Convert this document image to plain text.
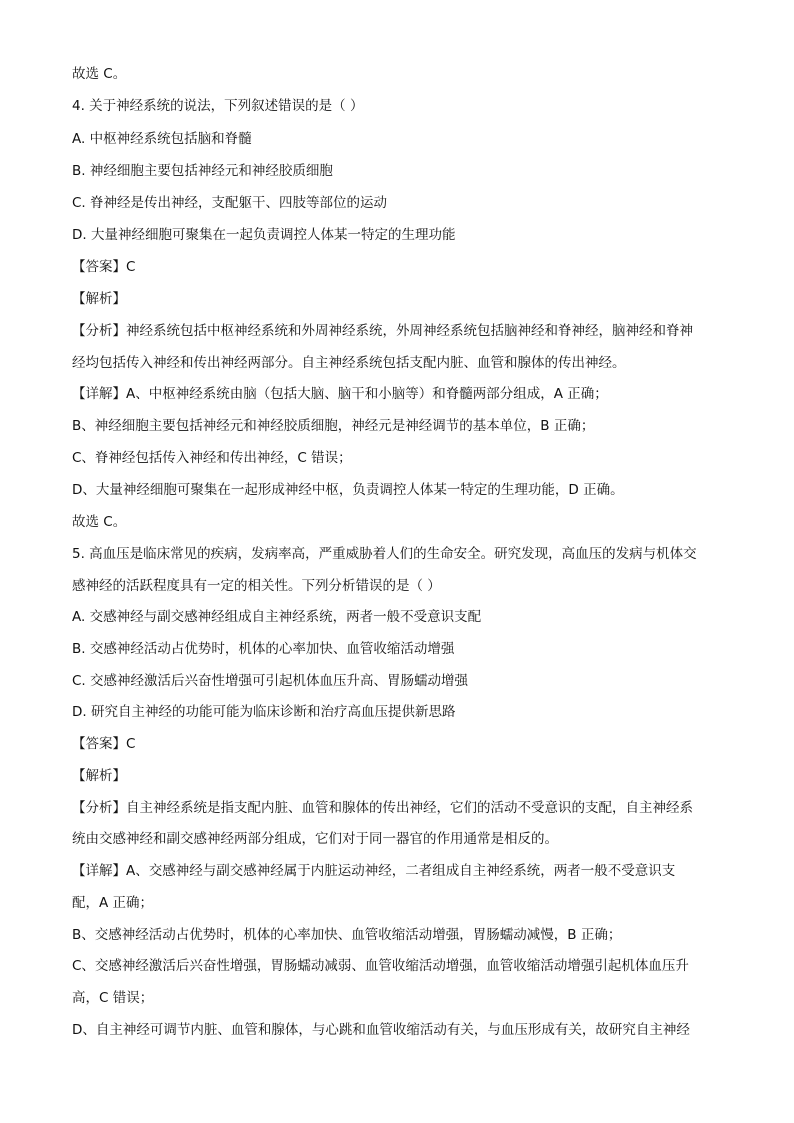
故选 C。
4. 关于神经系统的说法，下列叙述错误的是（ ）
A. 中枢神经系统包括脑和脊髓
B. 神经细胞主要包括神经元和神经胶质细胞
C. 脊神经是传出神经，支配躯干、四肢等部位的运动
D. 大量神经细胞可聚集在一起负责调控人体某一特定的生理功能
【答案】C
【解析】
【分析】神经系统包括中枢神经系统和外周神经系统，外周神经系统包括脑神经和脊神经，脑神经和脊神
经均包括传入神经和传出神经两部分。自主神经系统包括支配内脏、血管和腺体的传出神经。
【详解】A、中枢神经系统由脑（包括大脑、脑干和小脑等）和脊髓两部分组成，A 正确；
B、神经细胞主要包括神经元和神经胶质细胞，神经元是神经调节的基本单位，B 正确；
C、脊神经包括传入神经和传出神经，C 错误；
D、大量神经细胞可聚集在一起形成神经中枢，负责调控人体某一特定的生理功能，D 正确。
故选 C。
5. 高血压是临床常见的疾病，发病率高，严重威胁着人们的生命安全。研究发现，高血压的发病与机体交
感神经的活跃程度具有一定的相关性。下列分析错误的是（ ）
A. 交感神经与副交感神经组成自主神经系统，两者一般不受意识支配
B. 交感神经活动占优势时，机体的心率加快、血管收缩活动增强
C. 交感神经激活后兴奋性增强可引起机体血压升高、胃肠蠕动增强
D. 研究自主神经的功能可能为临床诊断和治疗高血压提供新思路
【答案】C
【解析】
【分析】自主神经系统是指支配内脏、血管和腺体的传出神经，它们的活动不受意识的支配，自主神经系
统由交感神经和副交感神经两部分组成，它们对于同一器官的作用通常是相反的。
【详解】A、交感神经与副交感神经属于内脏运动神经，二者组成自主神经系统，两者一般不受意识支
配，A 正确；
B、交感神经活动占优势时，机体的心率加快、血管收缩活动增强，胃肠蠕动减慢，B 正确；
C、交感神经激活后兴奋性增强，胃肠蠕动减弱、血管收缩活动增强，血管收缩活动增强引起机体血压升
高，C 错误；
D、自主神经可调节内脏、血管和腺体，与心跳和血管收缩活动有关，与血压形成有关，故研究自主神经
